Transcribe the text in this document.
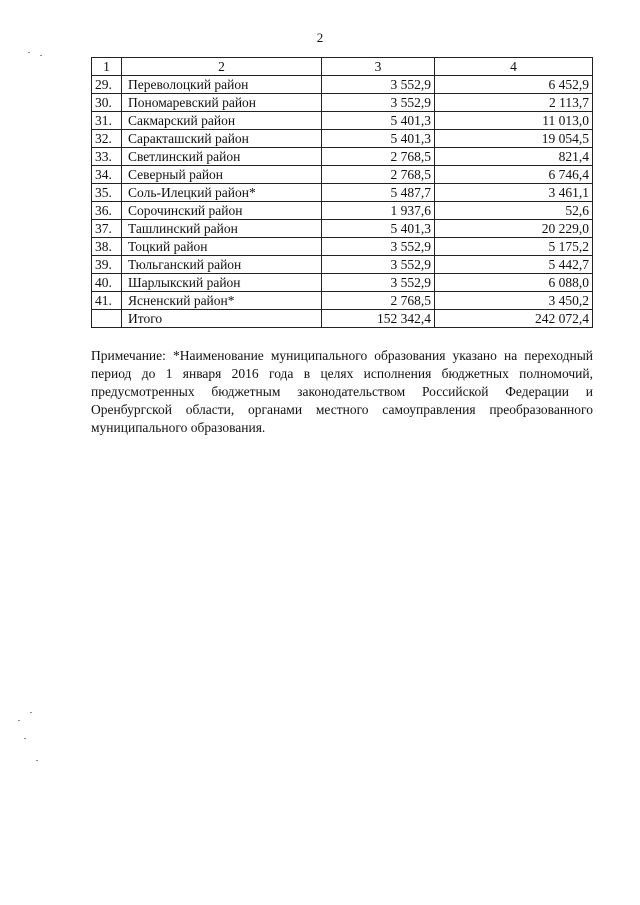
2
1	2	3	4
29.	Переволоцкий район	3 552,9	6 452,9
30.	Пономаревский район	3 552,9	2 113,7
31.	Сакмарский район	5 401,3	11 013,0
32.	Саракташский район	5 401,3	19 054,5
33.	Светлинский район	2 768,5	821,4
34.	Северный район	2 768,5	6 746,4
35.	Соль-Илецкий район*	5 487,7	3 461,1
36.	Сорочинский район	1 937,6	52,6
37.	Ташлинский район	5 401,3	20 229,0
38.	Тоцкий район	3 552,9	5 175,2
39.	Тюльганский район	3 552,9	5 442,7
40.	Шарлыкский район	3 552,9	6 088,0
41.	Ясненский район*	2 768,5	3 450,2
	Итого	152 342,4	242 072,4
Примечание: *Наименование муниципального образования указано на переходный период до 1 января 2016 года в целях исполнения бюджетных полномочий, предусмотренных бюджетным законодательством Российской Федерации и Оренбургской области, органами местного самоуправления преобразованного муниципального образования.
